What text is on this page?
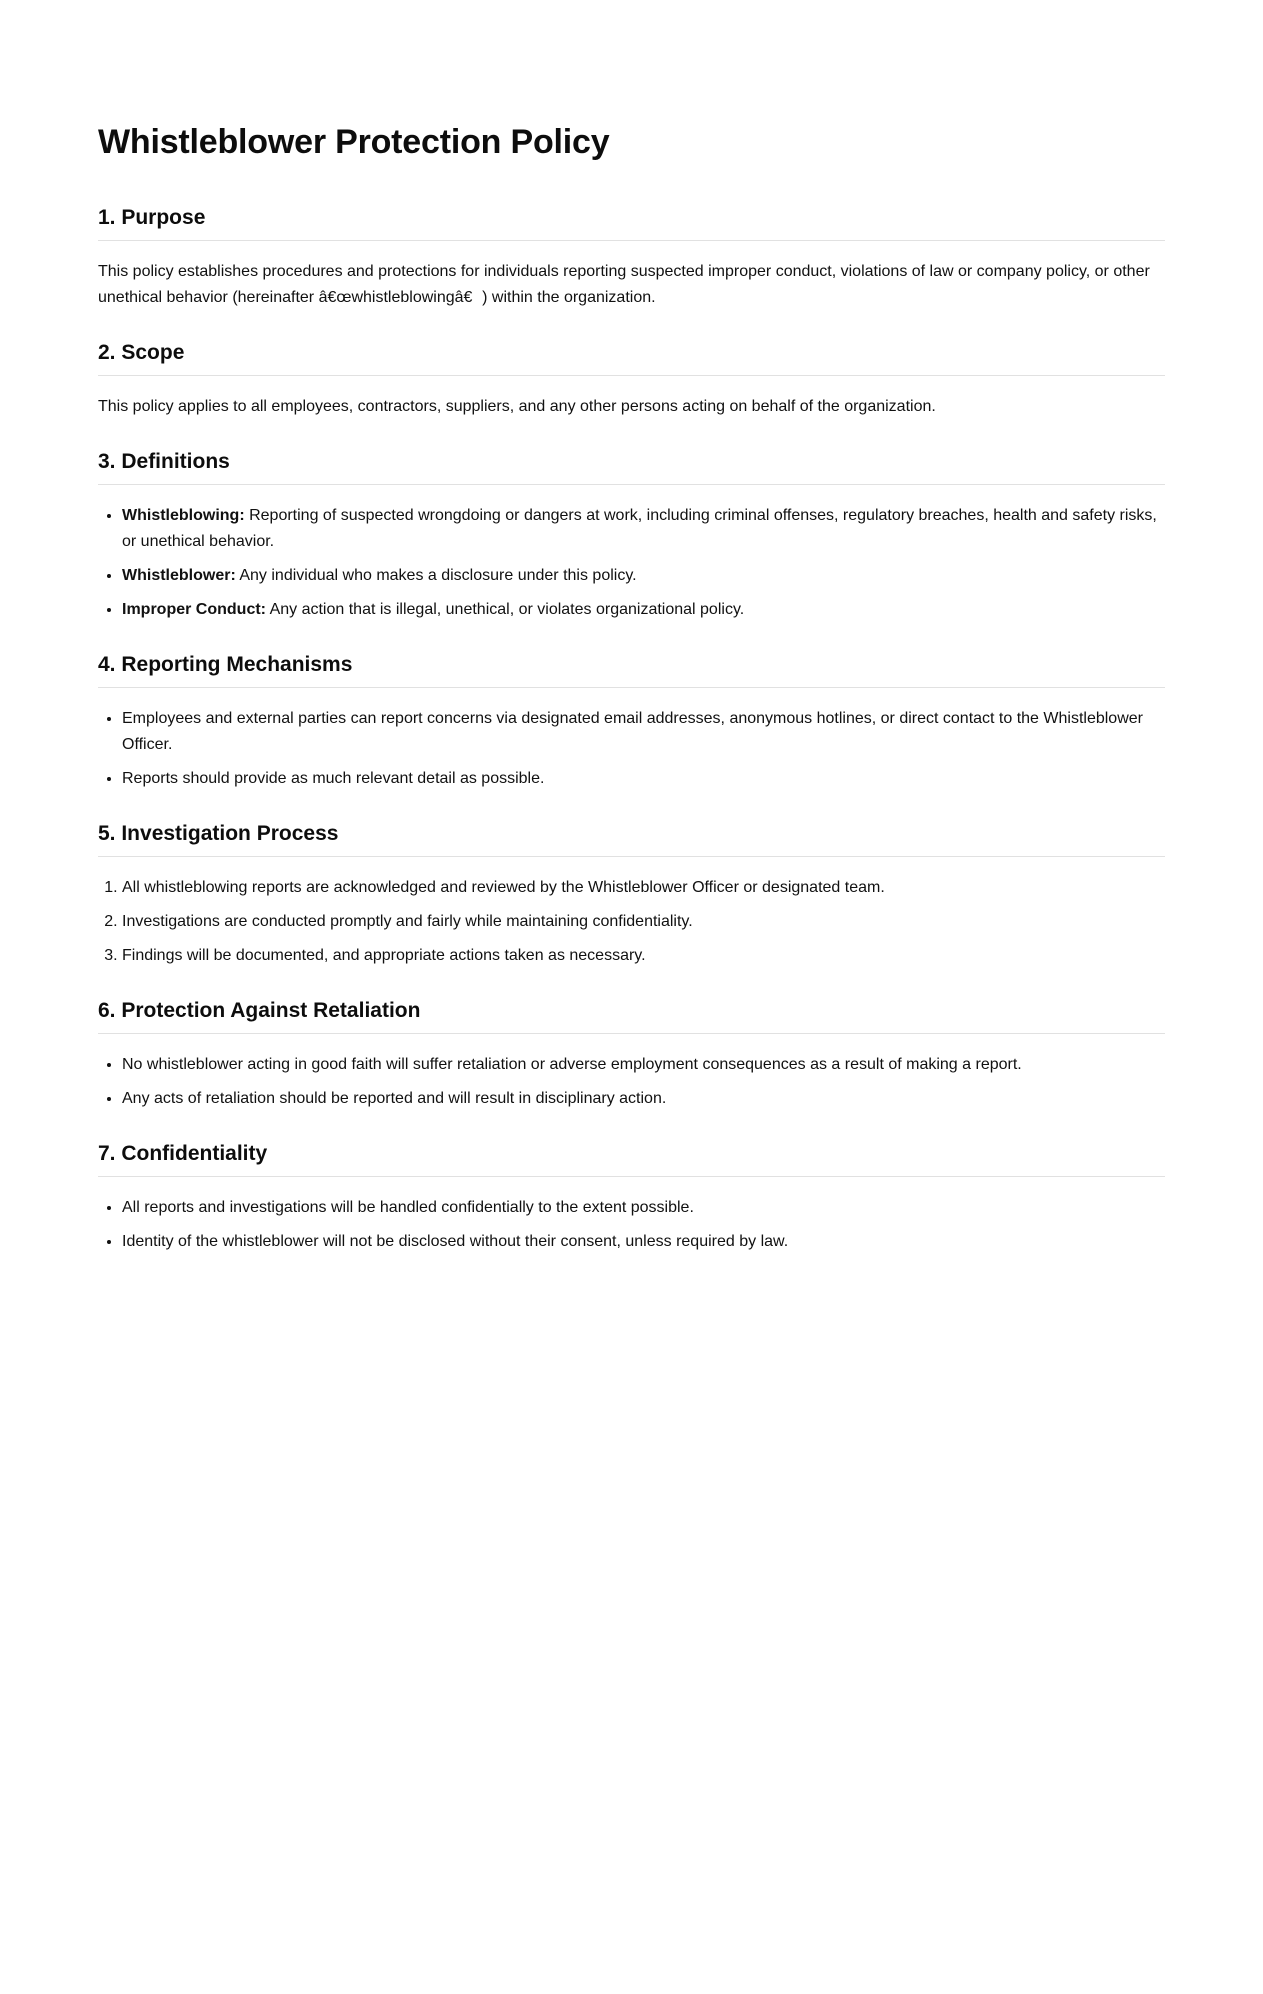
Whistleblower Protection Policy
1. Purpose

This policy establishes procedures and protections for individuals reporting suspected improper conduct, violations of law or company policy, or other unethical behavior (hereinafter â€œwhistleblowingâ€) within the organization.

2. Scope

This policy applies to all employees, contractors, suppliers, and any other persons acting on behalf of the organization.

3. Definitions
• Whistleblowing: Reporting of suspected wrongdoing or dangers at work, including criminal offenses, regulatory breaches, health and safety risks, or unethical behavior.
• Whistleblower: Any individual who makes a disclosure under this policy.
• Improper Conduct: Any action that is illegal, unethical, or violates organizational policy.
4. Reporting Mechanisms
• Employees and external parties can report concerns via designated email addresses, anonymous hotlines, or direct contact to the Whistleblower Officer.
• Reports should provide as much relevant detail as possible.
5. Investigation Process
1. All whistleblowing reports are acknowledged and reviewed by the Whistleblower Officer or designated team.
2. Investigations are conducted promptly and fairly while maintaining confidentiality.
3. Findings will be documented, and appropriate actions taken as necessary.
6. Protection Against Retaliation
• No whistleblower acting in good faith will suffer retaliation or adverse employment consequences as a result of making a report.
• Any acts of retaliation should be reported and will result in disciplinary action.
7. Confidentiality
• All reports and investigations will be handled confidentially to the extent possible.
• Identity of the whistleblower will not be disclosed without their consent, unless required by law.
